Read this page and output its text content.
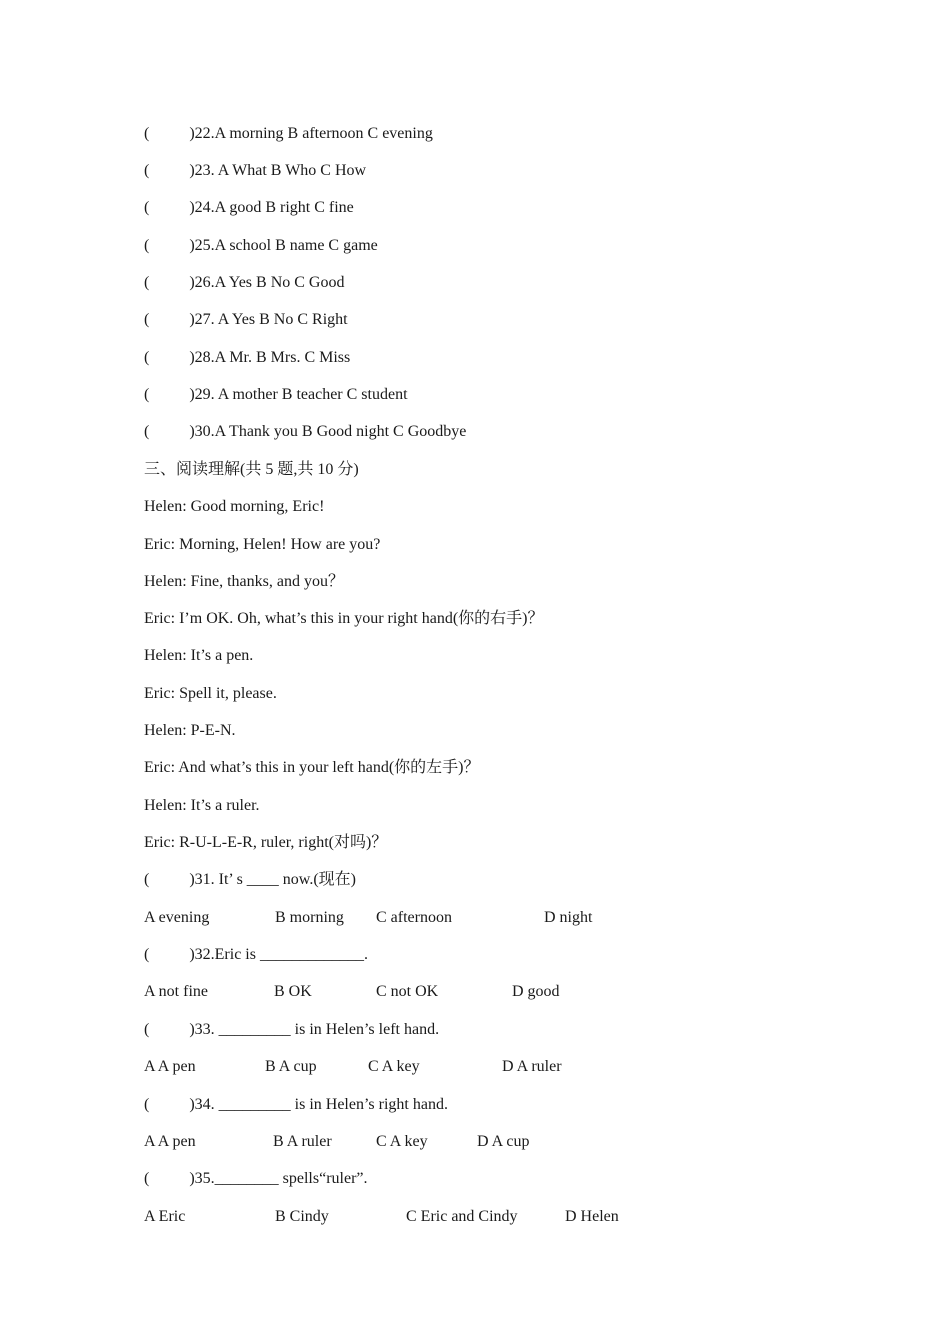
(          )22.A morning B afternoon C evening
(          )23. A What B Who C How
(          )24.A good B right C fine
(          )25.A school B name C game
(          )26.A Yes B No C Good
(          )27. A Yes B No C Right
(          )28.A Mr. B Mrs. C Miss
(          )29. A mother B teacher C student
(          )30.A Thank you B Good night C Goodbye
三、阅读理解(共 5 题,共 10 分)
Helen: Good morning, Eric!
Eric: Morning, Helen! How are you?
Helen: Fine, thanks, and you？
Eric: I’m OK. Oh, what’s this in your right hand(你的右手)？
Helen: It’s a pen.
Eric: Spell it, please.
Helen: P-E-N.
Eric: And what’s this in your left hand(你的左手)？
Helen: It’s a ruler.
Eric: R-U-L-E-R, ruler, right(对吗)？
(          )31. It’ s ____ now.(现在)
A evening	B morning C afternoon	D night
(          )32.Eric is _____________.
A not fine	B OK	C not OK	D good
(          )33. _________ is in Helen’s left hand.
A A pen	B A cup	C A key	D A ruler
(          )34. _________ is in Helen’s right hand.
A A pen	B A ruler	C A key	D A cup
(          )35.________ spells“ruler”.
A Eric	B Cindy	C Eric and Cindy	D Helen
